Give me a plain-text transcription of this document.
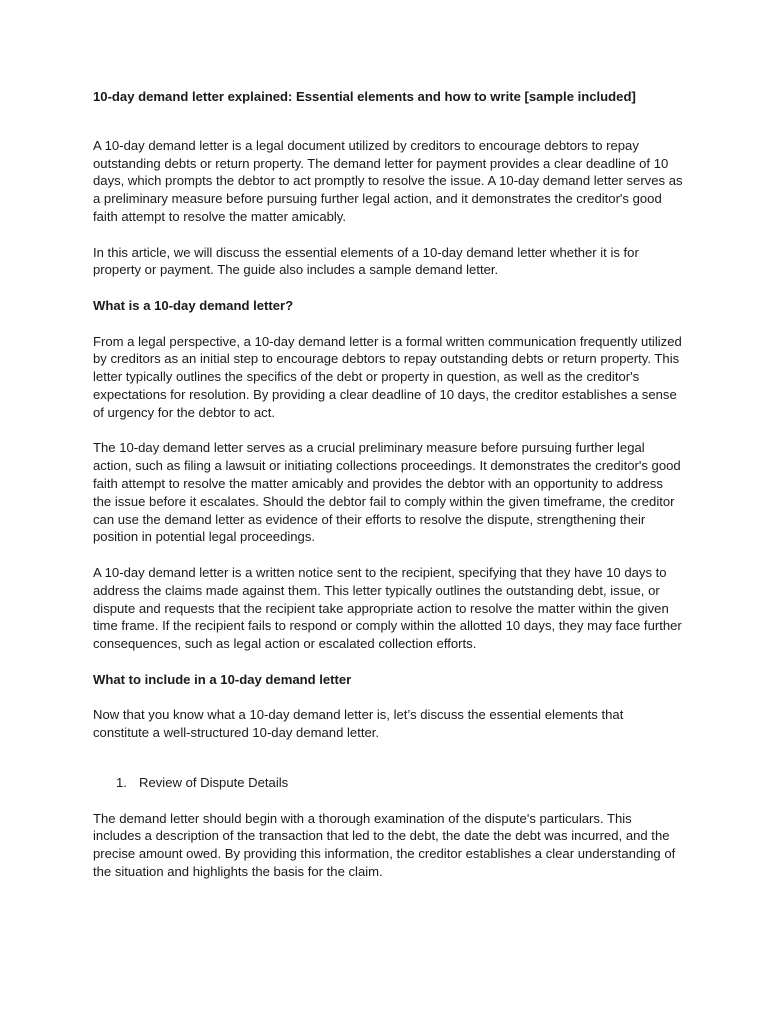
10-day demand letter explained: Essential elements and how to write [sample included]

A 10-day demand letter is a legal document utilized by creditors to encourage debtors to repay outstanding debts or return property. The demand letter for payment provides a clear deadline of 10 days, which prompts the debtor to act promptly to resolve the issue. A 10-day demand letter serves as a preliminary measure before pursuing further legal action, and it demonstrates the creditor's good faith attempt to resolve the matter amicably.

In this article, we will discuss the essential elements of a 10-day demand letter whether it is for property or payment. The guide also includes a sample demand letter.

What is a 10-day demand letter?

From a legal perspective, a 10-day demand letter is a formal written communication frequently utilized by creditors as an initial step to encourage debtors to repay outstanding debts or return property. This letter typically outlines the specifics of the debt or property in question, as well as the creditor's expectations for resolution. By providing a clear deadline of 10 days, the creditor establishes a sense of urgency for the debtor to act.

The 10-day demand letter serves as a crucial preliminary measure before pursuing further legal action, such as filing a lawsuit or initiating collections proceedings. It demonstrates the creditor's good faith attempt to resolve the matter amicably and provides the debtor with an opportunity to address the issue before it escalates. Should the debtor fail to comply within the given timeframe, the creditor can use the demand letter as evidence of their efforts to resolve the dispute, strengthening their position in potential legal proceedings.

A 10-day demand letter is a written notice sent to the recipient, specifying that they have 10 days to address the claims made against them. This letter typically outlines the outstanding debt, issue, or dispute and requests that the recipient take appropriate action to resolve the matter within the given time frame. If the recipient fails to respond or comply within the allotted 10 days, they may face further consequences, such as legal action or escalated collection efforts.

What to include in a 10-day demand letter

Now that you know what a 10-day demand letter is, let’s discuss the essential elements that constitute a well-structured 10-day demand letter.

1. Review of Dispute Details

The demand letter should begin with a thorough examination of the dispute's particulars. This includes a description of the transaction that led to the debt, the date the debt was incurred, and the precise amount owed. By providing this information, the creditor establishes a clear understanding of the situation and highlights the basis for the claim.
